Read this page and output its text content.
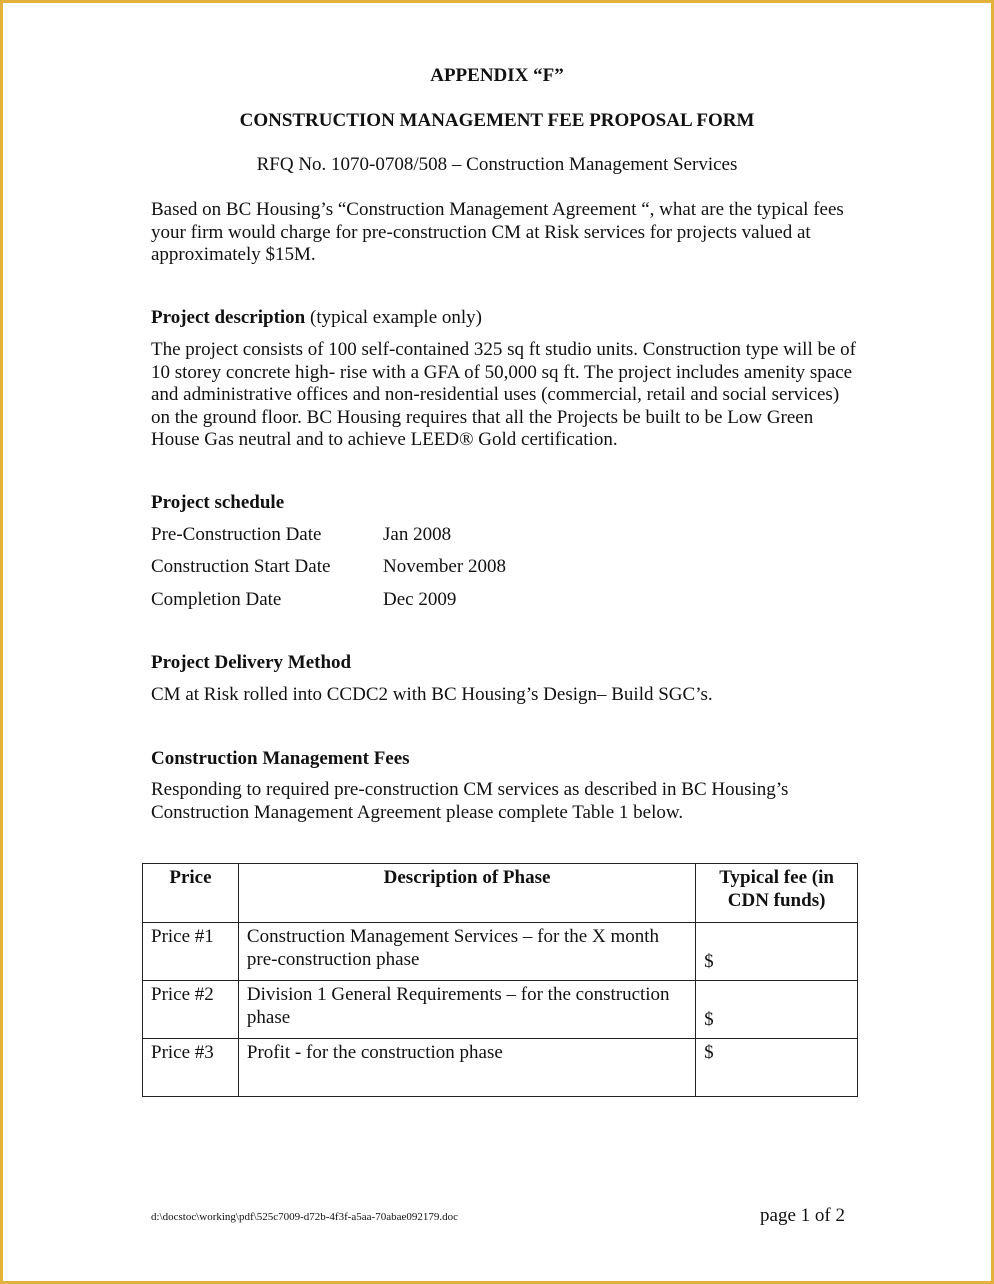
APPENDIX “F”
CONSTRUCTION MANAGEMENT FEE PROPOSAL FORM
RFQ No. 1070-0708/508 – Construction Management Services
Based on BC Housing’s “Construction Management Agreement “, what are the typical fees your firm would charge for pre-construction CM at Risk services for projects valued at approximately $15M.
Project description (typical example only)
The project consists of 100 self-contained 325 sq ft studio units. Construction type will be of 10 storey concrete high- rise with a GFA of 50,000 sq ft. The project includes amenity space and administrative offices and non-residential uses (commercial, retail and social services) on the ground floor. BC Housing requires that all the Projects be built to be Low Green House Gas neutral and to achieve LEED® Gold certification.
Project schedule
Pre-Construction Date	Jan 2008
Construction Start Date	November 2008
Completion Date	Dec 2009
Project Delivery Method
CM at Risk rolled into CCDC2 with BC Housing’s Design– Build SGC’s.
Construction Management Fees
Responding to required pre-construction CM services as described in BC Housing’s Construction Management Agreement please complete Table 1 below.
Price	Description of Phase	Typical fee (in CDN funds)
Price #1	Construction Management Services – for the X month pre-construction phase	$

Price #2	Division 1 General Requirements – for the construction phase	$

Price #3	Profit - for the construction phase	$
d:\docstoc\working\pdf\525c7009-d72b-4f3f-a5aa-70abae092179.doc	page 1 of 2
